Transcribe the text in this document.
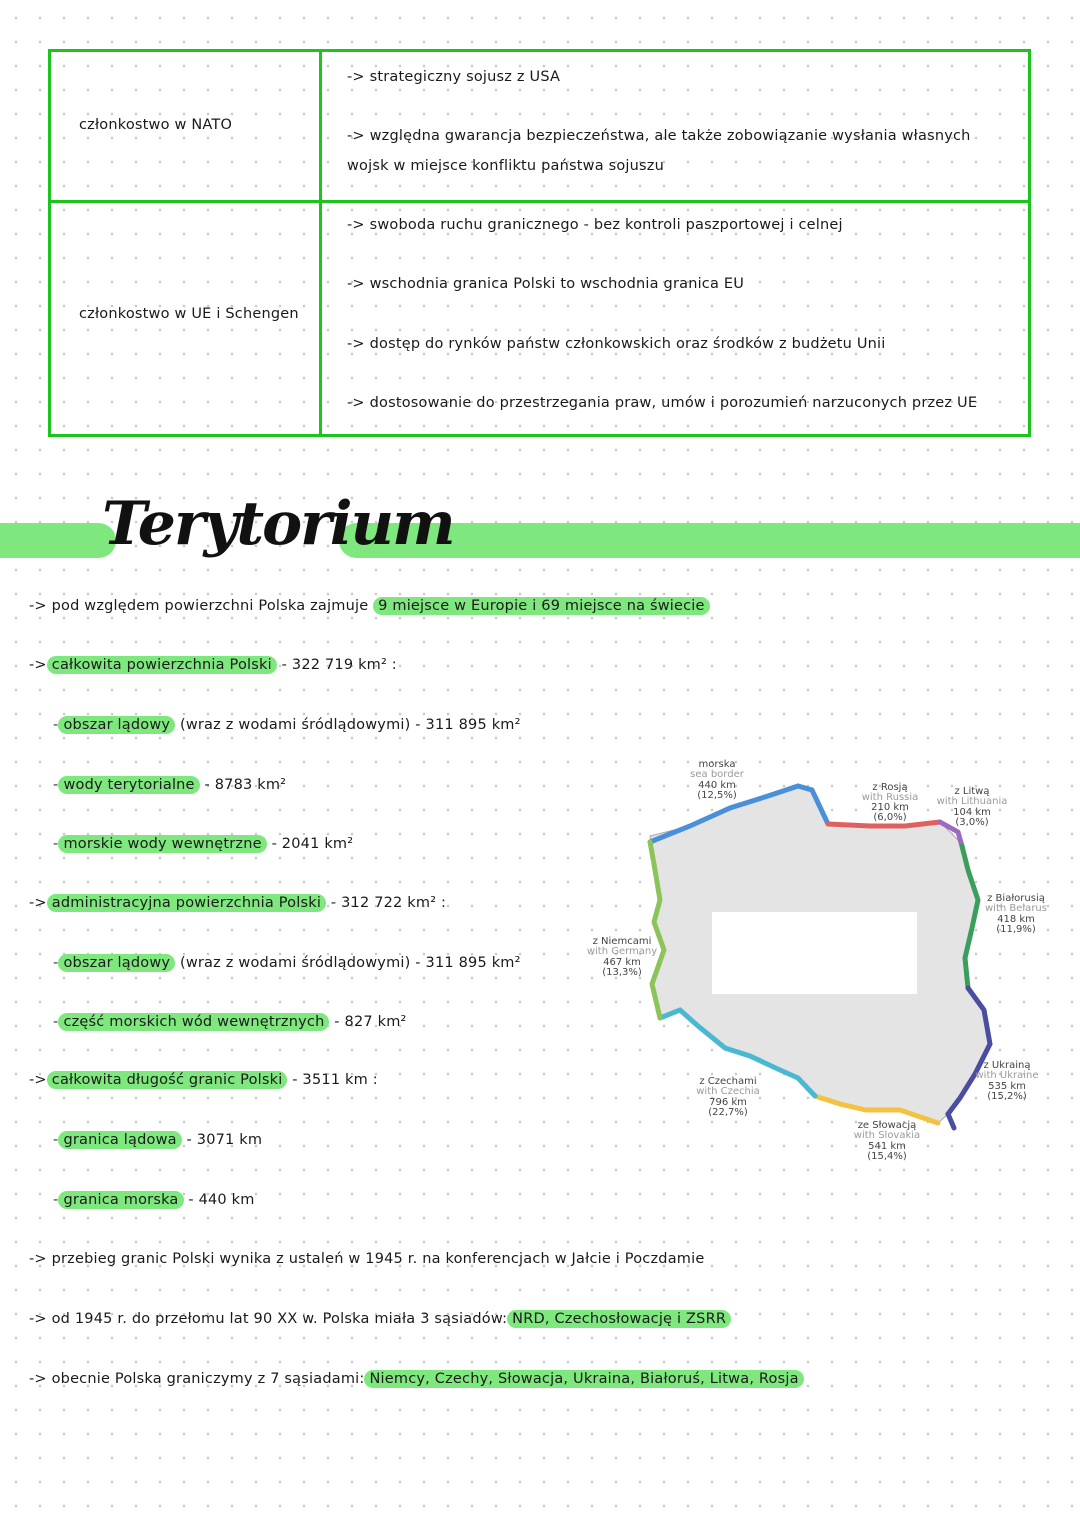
członkostwo w NATO
-> strategiczny sojusz z USA
-> względna gwarancja bezpieczeństwa, ale także zobowiązanie wysłania własnych
wojsk w miejsce konfliktu państwa sojuszu
członkostwo w UE i Schengen
-> swoboda ruchu granicznego - bez kontroli paszportowej i celnej
-> wschodnia granica Polski to wschodnia granica EU
-> dostęp do rynków państw członkowskich oraz środków z budżetu Unii
-> dostosowanie do przestrzegania praw, umów i porozumień narzuconych przez UE
Terytorium
-> pod względem powierzchni Polska zajmuje 9 miejsce w Europie i 69 miejsce na świecie
-> całkowita powierzchnia Polski - 322 719 km² :
- obszar lądowy (wraz z wodami śródlądowymi) - 311 895 km²
- wody terytorialne - 8783 km²
- morskie wody wewnętrzne - 2041 km²
-> administracyjna powierzchnia Polski - 312 722 km² :
- obszar lądowy (wraz z wodami śródlądowymi) - 311 895 km²
- część morskich wód wewnętrznych - 827 km²
-> całkowita długość granic Polski - 3511 km :
- granica lądowa - 3071 km
- granica morska - 440 km
-> przebieg granic Polski wynika z ustaleń w 1945 r. na konferencjach w Jałcie i Poczdamie
-> od 1945 r. do przełomu lat 90 XX w. Polska miała 3 sąsiadów: NRD, Czechosłowację i ZSRR
-> obecnie Polska graniczymy z 7 sąsiadami: Niemcy, Czechy, Słowacja, Ukraina, Białoruś, Litwa, Rosja
morska
sea border
440 km
(12,5%)
z Rosją
with Russia
210 km
(6,0%)
z Litwą
with Lithuania
104 km
(3,0%)
z Białorusią
with Belarus
418 km
(11,9%)
z Ukrainą
with Ukraine
535 km
(15,2%)
ze Słowacją
with Slovakia
541 km
(15,4%)
z Czechami
with Czechia
796 km
(22,7%)
z Niemcami
with Germany
467 km
(13,3%)
